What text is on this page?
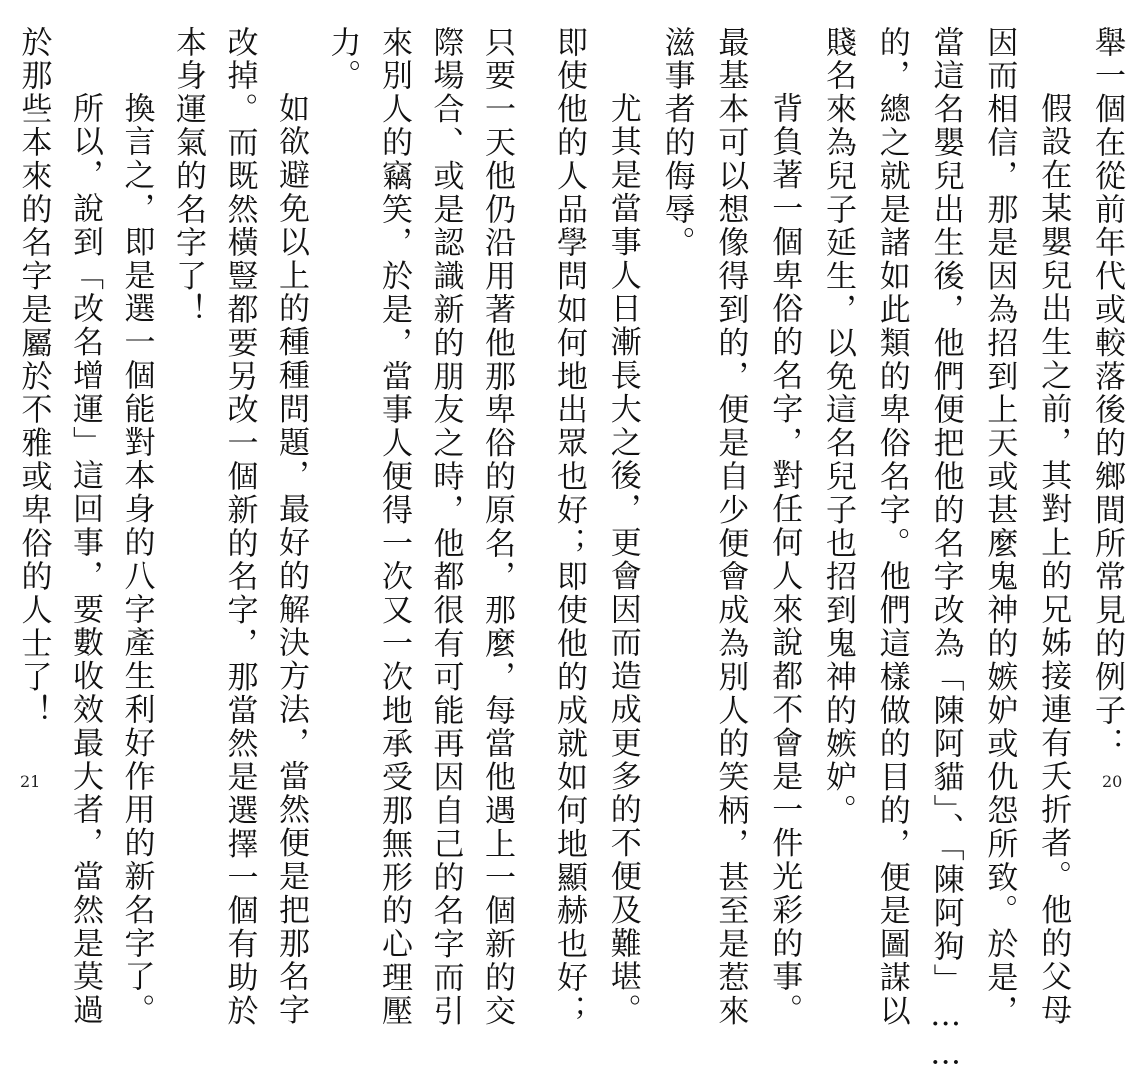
舉一個在從前年代或較落後的鄉間所常見的例子：
假設在某嬰兒出生之前，其對上的兄姊接連有夭折者。他的父母
因而相信，那是因為招到上天或甚麼鬼神的嫉妒或仇怨所致。於是，
當這名嬰兒出生後，他們便把他的名字改為「陳阿貓」、「陳阿狗」……
的，總之就是諸如此類的卑俗名字。他們這樣做的目的，便是圖謀以
賤名來為兒子延生，以免這名兒子也招到鬼神的嫉妒。
背負著一個卑俗的名字，對任何人來說都不會是一件光彩的事。
最基本可以想像得到的，便是自少便會成為別人的笑柄，甚至是惹來
滋事者的侮辱。
尤其是當事人日漸長大之後，更會因而造成更多的不便及難堪。
即使他的人品學問如何地出眾也好；即使他的成就如何地顯赫也好；
只要一天他仍沿用著他那卑俗的原名，那麼，每當他遇上一個新的交
際場合、或是認識新的朋友之時，他都很有可能再因自己的名字而引
來別人的竊笑，於是，當事人便得一次又一次地承受那無形的心理壓
力。
如欲避免以上的種種問題，最好的解決方法，當然便是把那名字
改掉。而既然橫豎都要另改一個新的名字，那當然是選擇一個有助於
本身運氣的名字了！
換言之，即是選一個能對本身的八字產生利好作用的新名字了。
所以，說到「改名增運」這回事，要數收效最大者，當然是莫過
於那些本來的名字是屬於不雅或卑俗的人士了！
21	20
